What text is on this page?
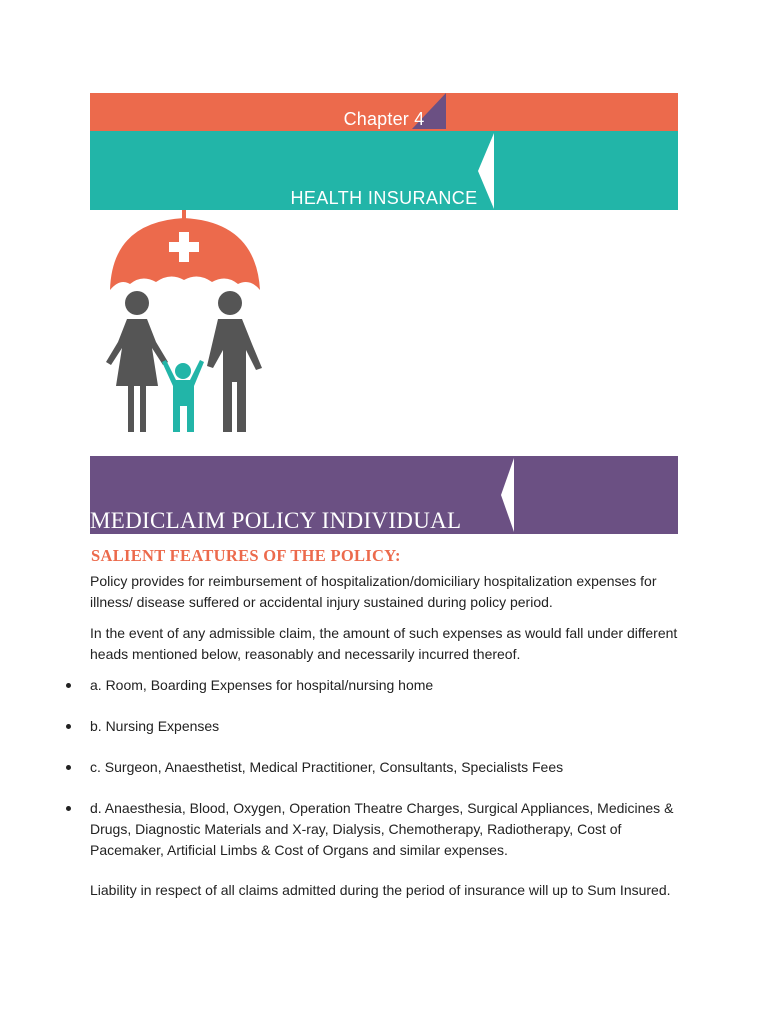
Chapter 4
HEALTH INSURANCE
MEDICLAIM POLICY INDIVIDUAL
SALIENT FEATURES OF THE POLICY:

Policy provides for reimbursement of hospitalization/domiciliary hospitalization expenses for illness/ disease suffered or accidental injury sustained during policy period.

In the event of any admissible claim, the amount of such expenses as would fall under different heads mentioned below, reasonably and necessarily incurred thereof.

a. Room, Boarding Expenses for hospital/nursing home
b. Nursing Expenses
c. Surgeon, Anaesthetist, Medical Practitioner, Consultants, Specialists Fees
d. Anaesthesia, Blood, Oxygen, Operation Theatre Charges, Surgical Appliances, Medicines & Drugs, Diagnostic Materials and X-ray, Dialysis, Chemotherapy, Radiotherapy, Cost of Pacemaker, Artificial Limbs & Cost of Organs and similar expenses.

Liability in respect of all claims admitted during the period of insurance will up to Sum Insured.
